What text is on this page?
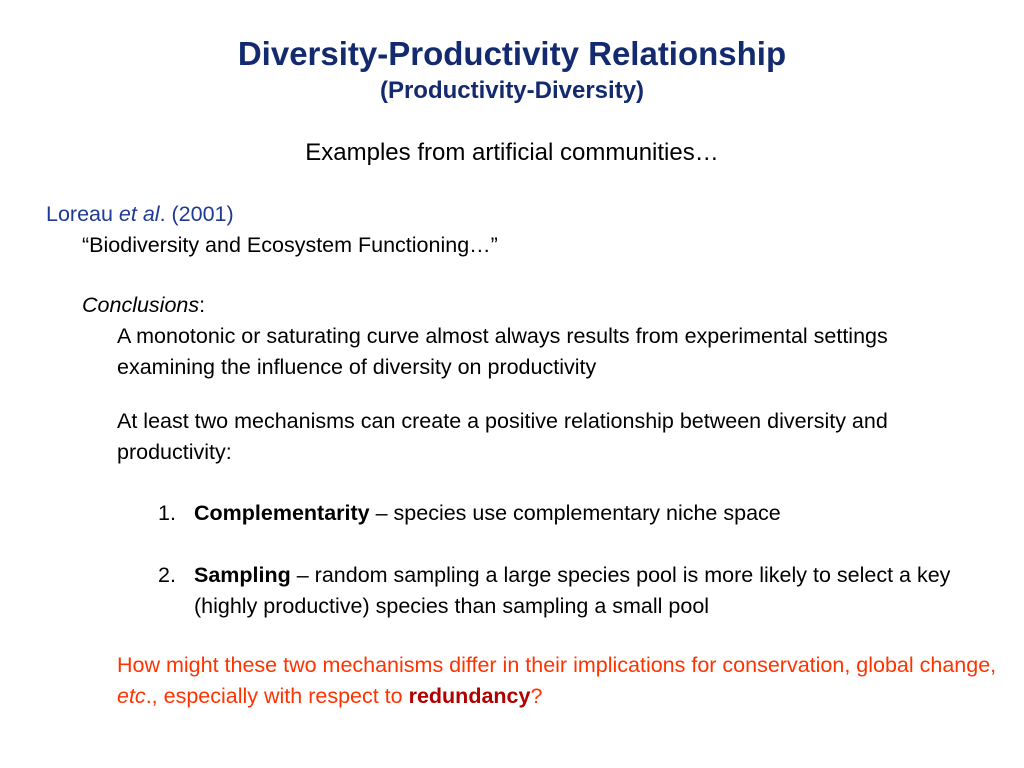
Diversity-Productivity Relationship
(Productivity-Diversity)
Examples from artificial communities…
Loreau et al. (2001)
“Biodiversity and Ecosystem Functioning…”
Conclusions:
A monotonic or saturating curve almost always results from experimental settings examining the influence of diversity on productivity
At least two mechanisms can create a positive relationship between diversity and productivity:
1. Complementarity – species use complementary niche space
2. Sampling – random sampling a large species pool is more likely to select a key (highly productive) species than sampling a small pool
How might these two mechanisms differ in their implications for conservation, global change, etc., especially with respect to redundancy?
